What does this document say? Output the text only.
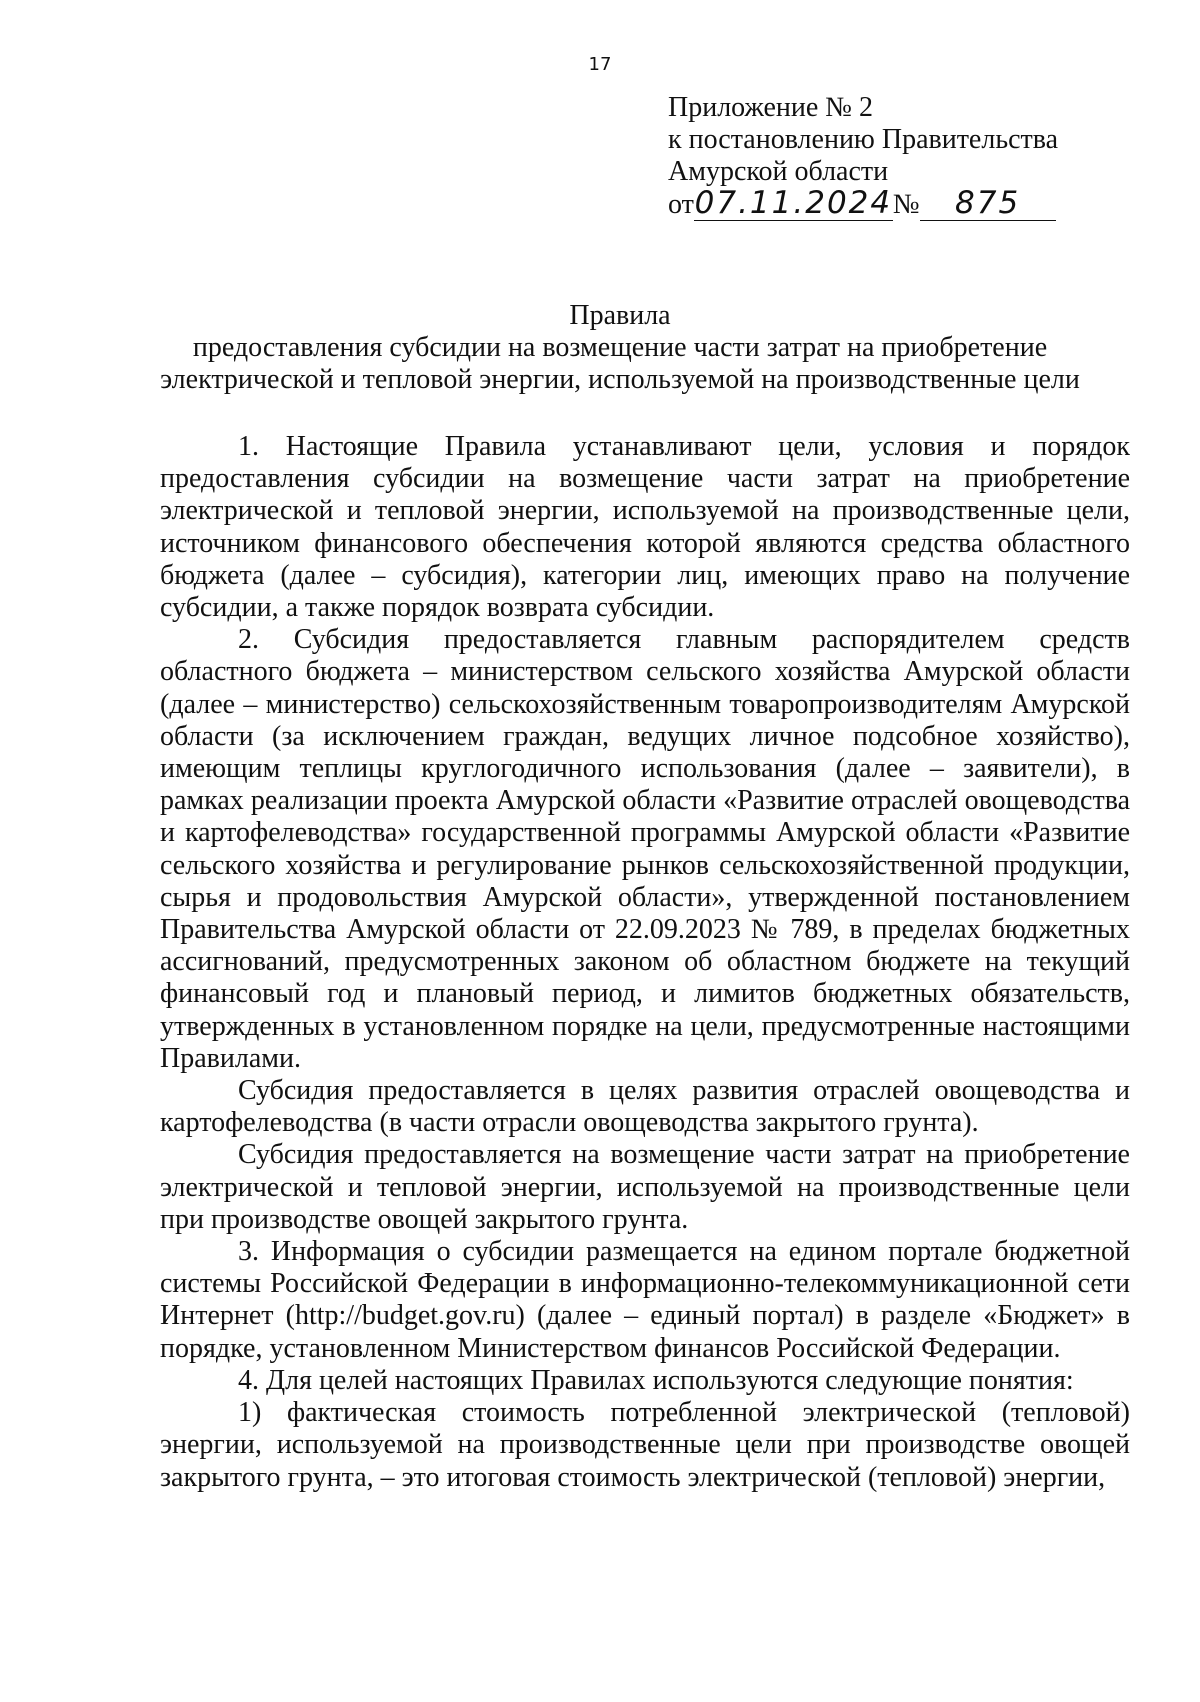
17
Приложение № 2
к постановлению Правительства
Амурской области
от07.11.2024№ 875
Правила
предоставления субсидии на возмещение части затрат на приобретение
электрической и тепловой энергии, используемой на производственные цели

1. Настоящие Правила устанавливают цели, условия и порядок предоставления субсидии на возмещение части затрат на приобретение электрической и тепловой энергии, используемой на производственные цели, источником финансового обеспечения которой являются средства областного бюджета (далее – субсидия), категории лиц, имеющих право на получение субсидии, а также порядок возврата субсидии.

2. Субсидия предоставляется главным распорядителем средств областного бюджета – министерством сельского хозяйства Амурской области (далее – министерство) сельскохозяйственным товаропроизводителям Амурской области (за исключением граждан, ведущих личное подсобное хозяйство), имеющим теплицы круглогодичного использования (далее – заявители), в рамках реализации проекта Амурской области «Развитие отраслей овощеводства и картофелеводства» государственной программы Амурской области «Развитие сельского хозяйства и регулирование рынков сельскохозяйственной продукции, сырья и продовольствия Амурской области», утвержденной постановлением Правительства Амурской области от 22.09.2023 № 789, в пределах бюджетных ассигнований, предусмотренных законом об областном бюджете на текущий финансовый год и плановый период, и лимитов бюджетных обязательств, утвержденных в установленном порядке на цели, предусмотренные настоящими Правилами.

Субсидия предоставляется в целях развития отраслей овощеводства и картофелеводства (в части отрасли овощеводства закрытого грунта).

Субсидия предоставляется на возмещение части затрат на приобретение электрической и тепловой энергии, используемой на производственные цели при производстве овощей закрытого грунта.

3. Информация о субсидии размещается на едином портале бюджетной системы Российской Федерации в информационно-телекоммуникационной сети Интернет (http://budget.gov.ru) (далее – единый портал) в разделе «Бюджет» в порядке, установленном Министерством финансов Российской Федерации.

4. Для целей настоящих Правилах используются следующие понятия:

1) фактическая стоимость потребленной электрической (тепловой) энергии, используемой на производственные цели при производстве овощей закрытого грунта, – это итоговая стоимость электрической (тепловой) энергии,
